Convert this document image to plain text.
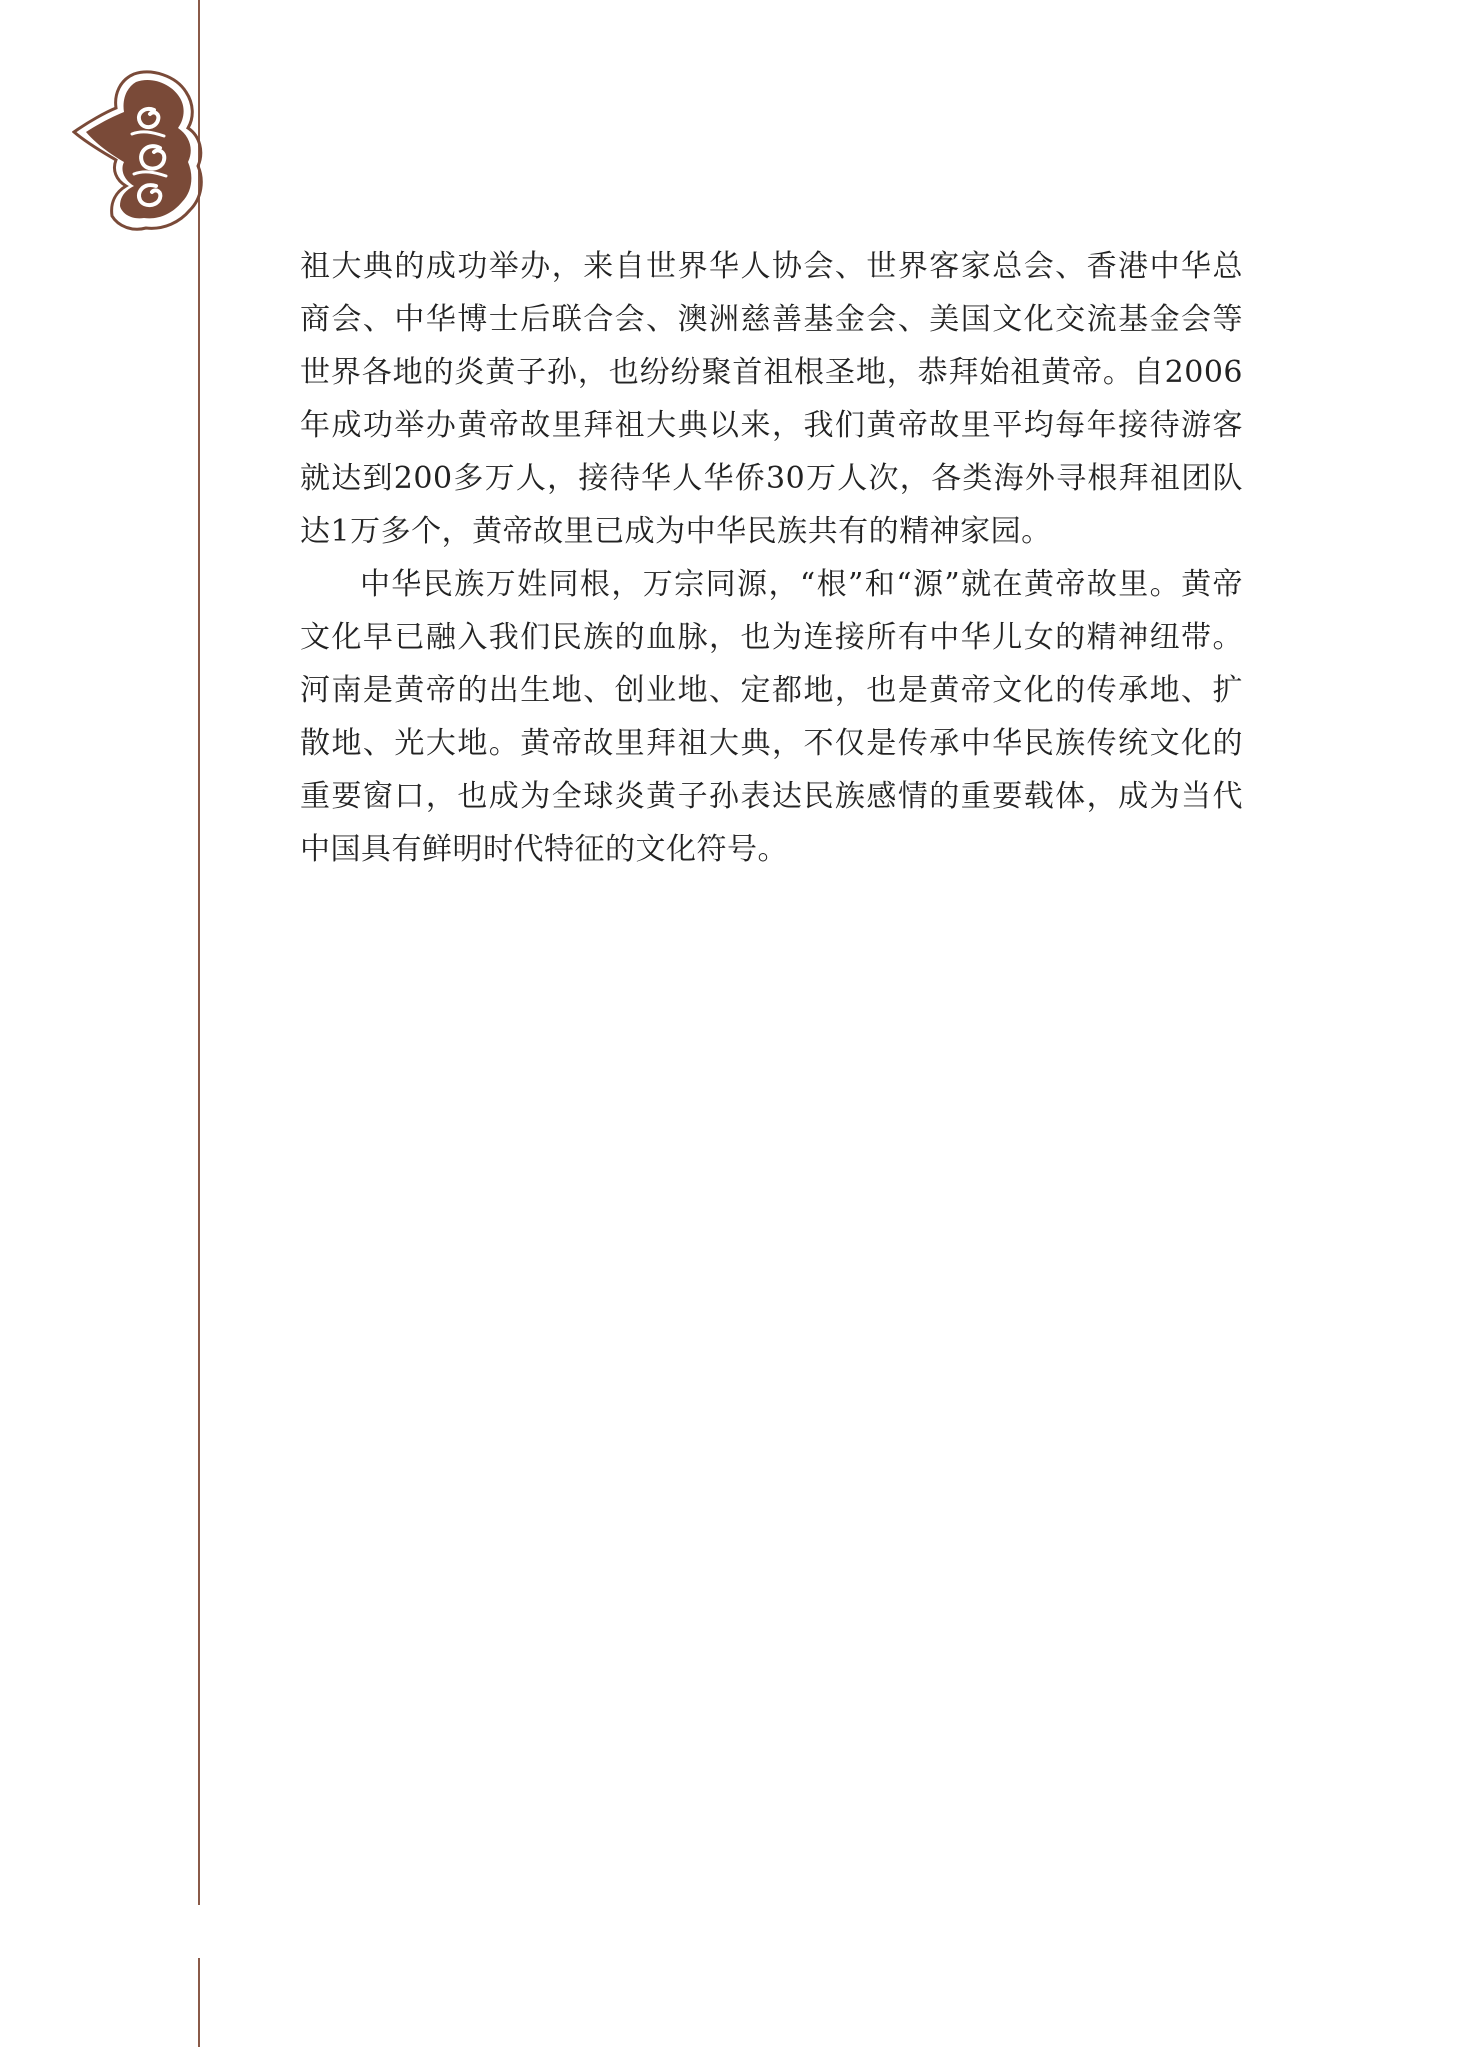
祖大典的成功举办，来自世界华人协会、世界客家总会、香港中华总商会、中华博士后联合会、澳洲慈善基金会、美国文化交流基金会等世界各地的炎黄子孙，也纷纷聚首祖根圣地，恭拜始祖黄帝。自2006年成功举办黄帝故里拜祖大典以来，我们黄帝故里平均每年接待游客就达到200多万人，接待华人华侨30万人次，各类海外寻根拜祖团队达1万多个，黄帝故里已成为中华民族共有的精神家园。

中华民族万姓同根，万宗同源，“根”和“源”就在黄帝故里。黄帝文化早已融入我们民族的血脉，也为连接所有中华儿女的精神纽带。河南是黄帝的出生地、创业地、定都地，也是黄帝文化的传承地、扩散地、光大地。黄帝故里拜祖大典，不仅是传承中华民族传统文化的重要窗口，也成为全球炎黄子孙表达民族感情的重要载体，成为当代中国具有鲜明时代特征的文化符号。
